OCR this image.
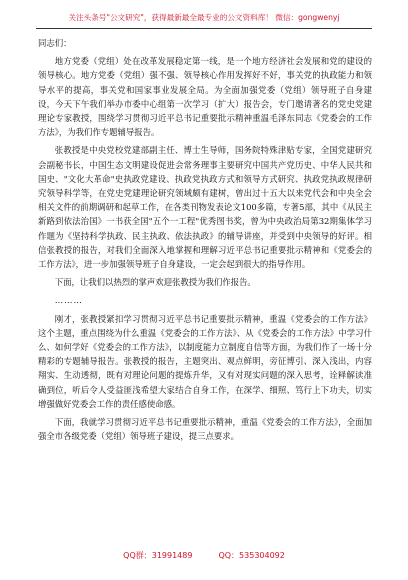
关注头条号"公文研究"，获得最新最全最专业的公文资料库！ 微信：gongwenyj

同志们：

地方党委（党组）处在改革发展稳定第一线，是一个地方经济社会发展和党的建设的领导核心。地方党委（党组）强不强、领导核心作用发挥好不好，事关党的执政能力和领导水平的提高，事关党和国家事业发展全局。为全面加强党委（党组）领导班子自身建设，今天下午我们举办市委中心组第一次学习（扩大）报告会，专门邀请著名的党史党建理论专家教授，围绕学习贯彻习近平总书记重要批示精神重温毛泽东同志《党委会的工作方法》，为我们作专题辅导报告。

张教授是中央党校党建部副主任、博士生导师，国务院特殊津贴专家，全国党建研究会副秘书长，中国生态文明建设促进会常务理事主要研究中国共产党历史、中华人民共和国史、"文化大革命"史执政党建设、执政党执政方式和领导方式研究、执政党执政规律研究领导科学等，在党史党建理论研究领域颇有建树，曾出过十五大以来党代会和中央全会相关文件的前期调研和起草工作，在各类刊物发表论文100多篇，专著5部，其中《从民主新路到依法治国》一书获全国"五个一工程"优秀图书奖，曾为中央政治局第32期集体学习作题为《坚持科学执政、民主执政、依法执政》的辅导讲座，并受到中央领导的好评。相信张教授的报告，对我们全面深入地掌握和理解习近平总书记重要批示精神和《党委会的工作方法》，进一步加强领导班子自身建设，一定会起到很大的指导作用。

下面，让我们以热烈的掌声欢迎张教授为我们作报告。

………

刚才，张教授紧扣学习贯彻习近平总书记重要批示精神，重温《党委会的工作方法》这个主题，重点围绕为什么重温《党委会的工作方法》、从《党委会的工作方法》中学习什么、如何学好《党委会的工作方法》，以制度能力立制度自信等方面，为我们作了一场十分精彩的专题辅导报告。张教授的报告，主题突出、观点鲜明，旁征博引、深入浅出，内容翔实、生动透彻，既有对理论问题的提炼升华，又有对现实问题的深入思考，诠释解读准确到位，听后令人受益匪浅希望大家结合自身工作，在深学、细照、笃行上下功夫，切实增强做好党委会工作的责任感使命感。

下面，我就学习贯彻习近平总书记重要批示精神，重温《党委会的工作方法》，全面加强全市各级党委（党组）领导班子建设，提三点要求。

QQ群：31991489	QQ：535304092
